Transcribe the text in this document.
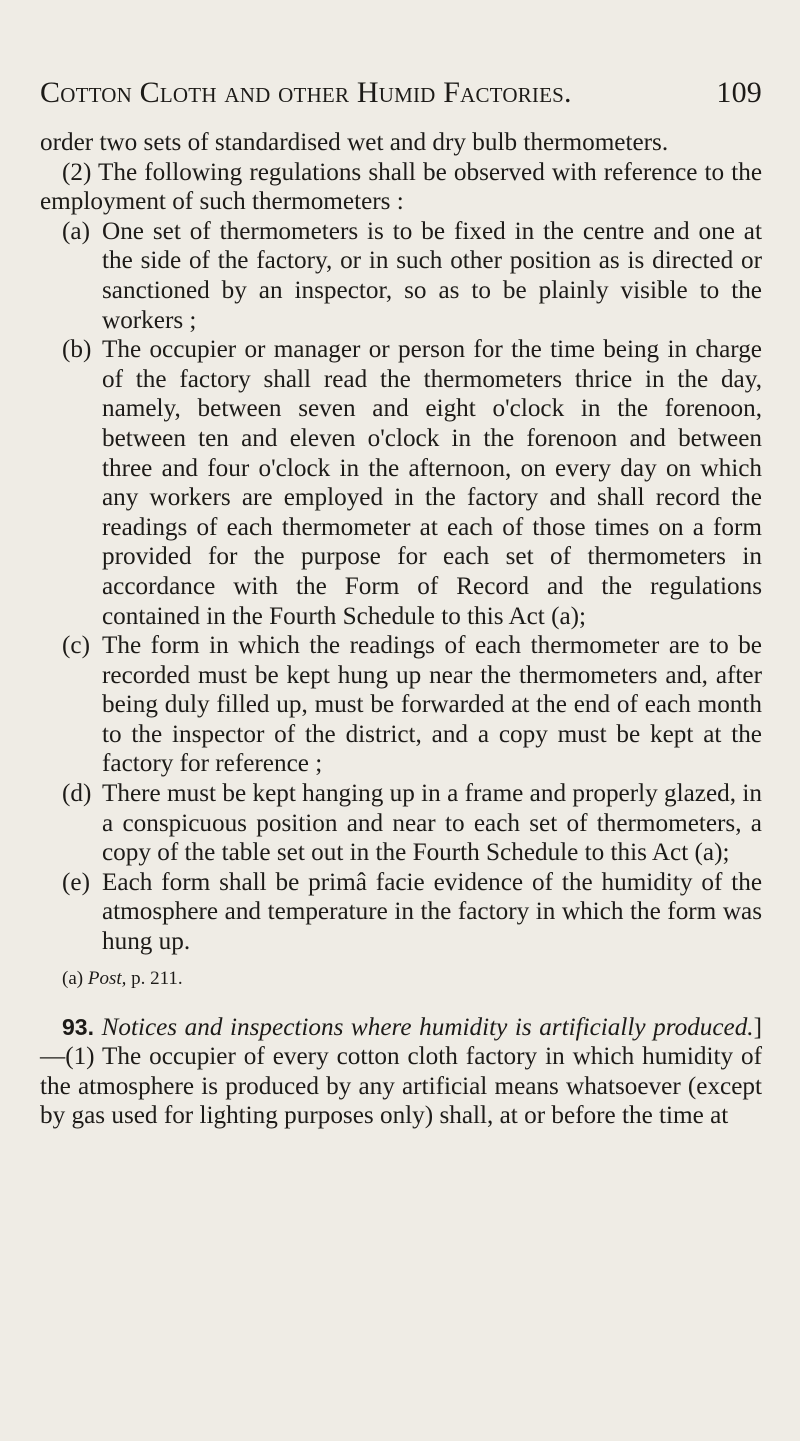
Cotton Cloth and other Humid Factories.	109

order two sets of standardised wet and dry bulb thermometers.

(2) The following regulations shall be observed with reference to the employment of such thermometers :

(a) One set of thermometers is to be fixed in the centre and one at the side of the factory, or in such other position as is directed or sanctioned by an inspector, so as to be plainly visible to the workers ;

(b) The occupier or manager or person for the time being in charge of the factory shall read the thermometers thrice in the day, namely, between seven and eight o'clock in the forenoon, between ten and eleven o'clock in the forenoon and between three and four o'clock in the afternoon, on every day on which any workers are employed in the factory and shall record the readings of each thermometer at each of those times on a form provided for the purpose for each set of thermometers in accordance with the Form of Record and the regulations contained in the Fourth Schedule to this Act (a);

(c) The form in which the readings of each thermometer are to be recorded must be kept hung up near the thermometers and, after being duly filled up, must be forwarded at the end of each month to the inspector of the district, and a copy must be kept at the factory for reference ;

(d) There must be kept hanging up in a frame and properly glazed, in a conspicuous position and near to each set of thermometers, a copy of the table set out in the Fourth Schedule to this Act (a);

(e) Each form shall be primâ facie evidence of the humidity of the atmosphere and temperature in the factory in which the form was hung up.

(a) Post, p. 211.

93. Notices and inspections where humidity is artificially produced.]—(1) The occupier of every cotton cloth factory in which humidity of the atmosphere is produced by any artificial means whatsoever (except by gas used for lighting purposes only) shall, at or before the time at
